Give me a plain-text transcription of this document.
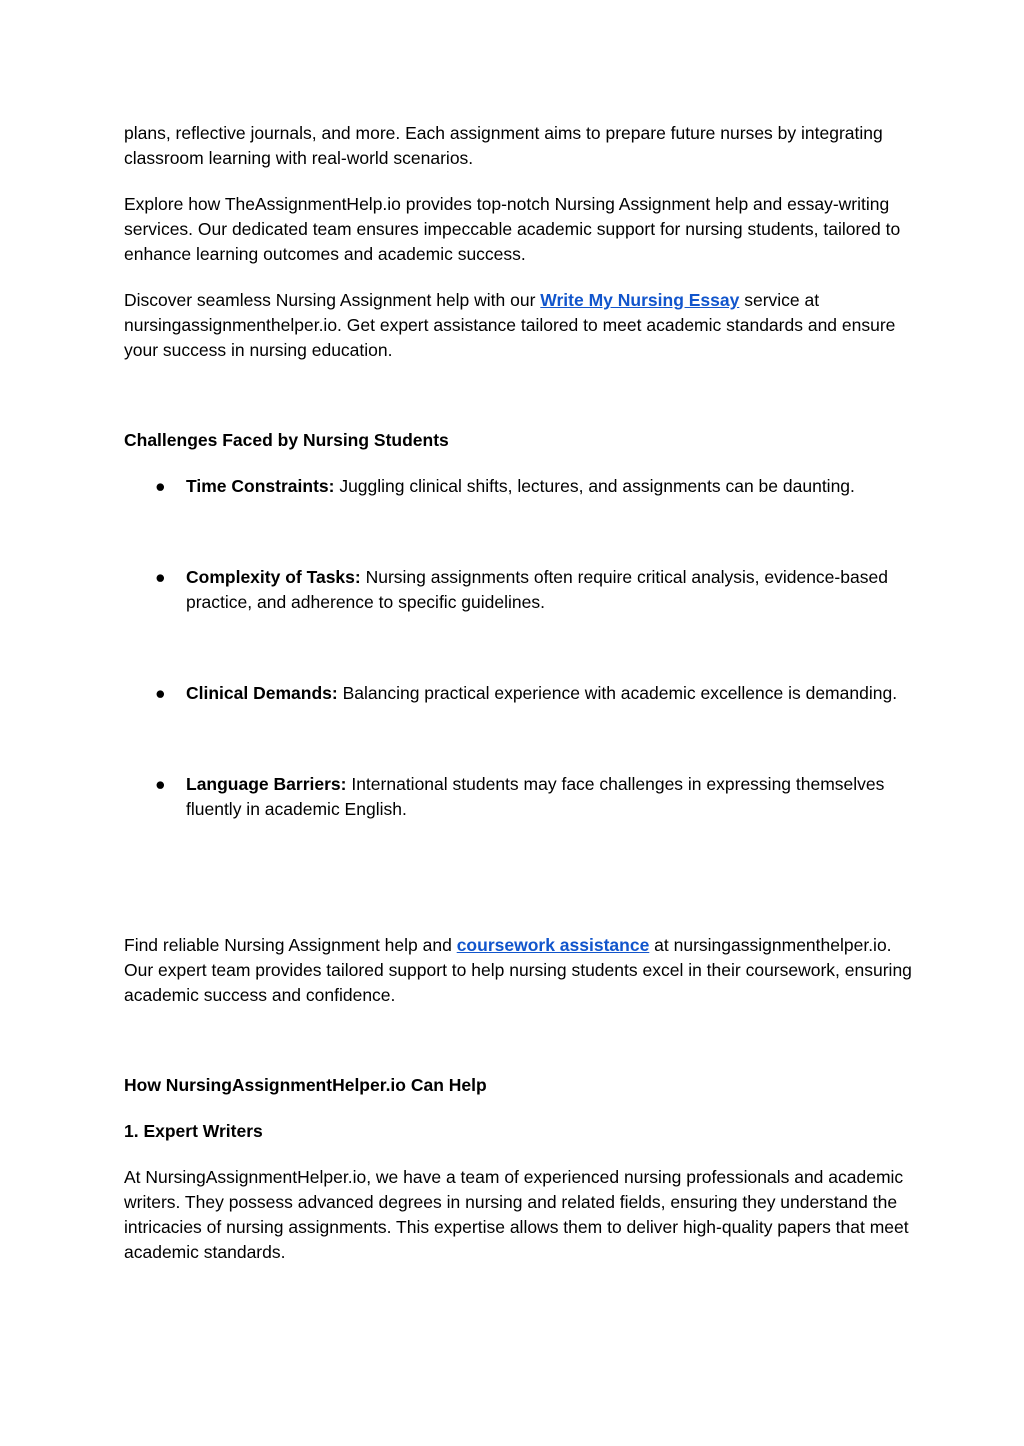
plans, reflective journals, and more. Each assignment aims to prepare future nurses by integrating classroom learning with real-world scenarios.

Explore how TheAssignmentHelp.io provides top-notch Nursing Assignment help and essay-writing services. Our dedicated team ensures impeccable academic support for nursing students, tailored to enhance learning outcomes and academic success.

Discover seamless Nursing Assignment help with our Write My Nursing Essay service at nursingassignmenthelper.io. Get expert assistance tailored to meet academic standards and ensure your success in nursing education.

Challenges Faced by Nursing Students

● Time Constraints: Juggling clinical shifts, lectures, and assignments can be daunting.
● Complexity of Tasks: Nursing assignments often require critical analysis, evidence-based practice, and adherence to specific guidelines.
● Clinical Demands: Balancing practical experience with academic excellence is demanding.
● Language Barriers: International students may face challenges in expressing themselves fluently in academic English.

Find reliable Nursing Assignment help and coursework assistance at nursingassignmenthelper.io. Our expert team provides tailored support to help nursing students excel in their coursework, ensuring academic success and confidence.

How NursingAssignmentHelper.io Can Help

1. Expert Writers

At NursingAssignmentHelper.io, we have a team of experienced nursing professionals and academic writers. They possess advanced degrees in nursing and related fields, ensuring they understand the intricacies of nursing assignments. This expertise allows them to deliver high-quality papers that meet academic standards.
